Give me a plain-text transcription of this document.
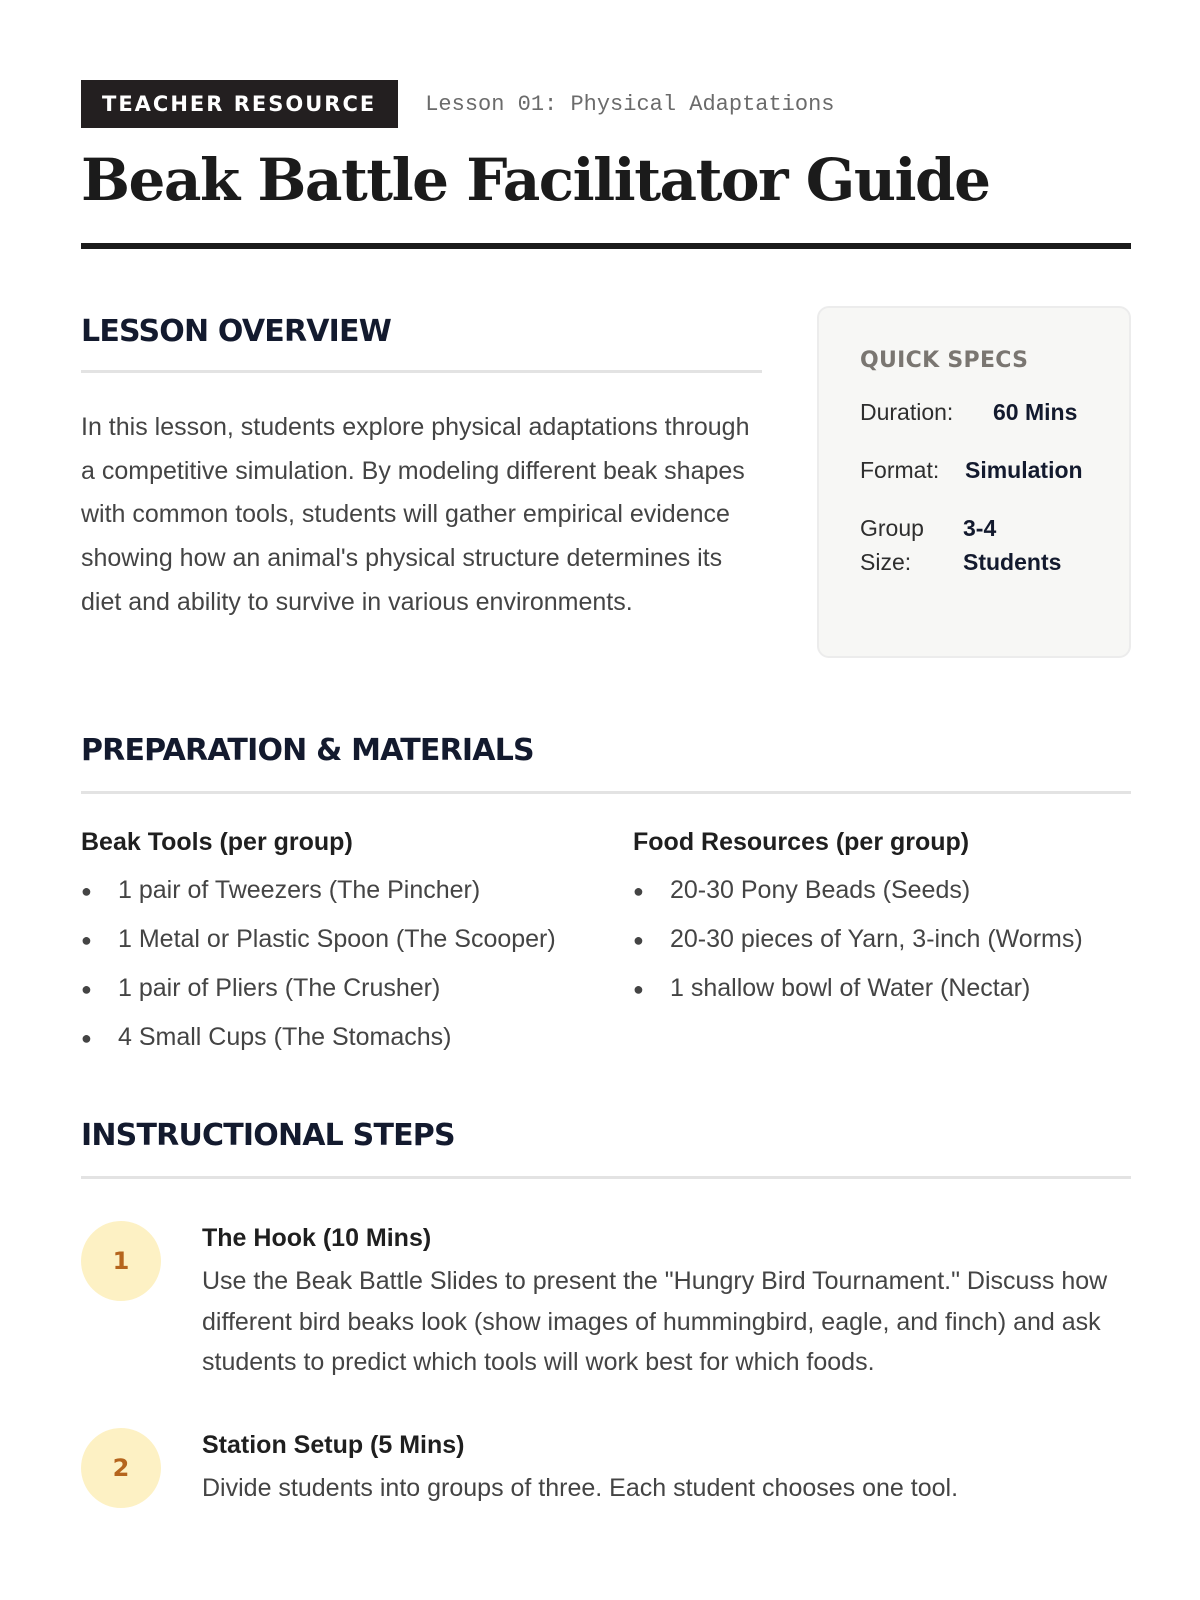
TEACHER RESOURCE	Lesson 01: Physical Adaptations
Beak Battle Facilitator Guide
LESSON OVERVIEW

In this lesson, students explore physical adaptations through a competitive simulation. By modeling different beak shapes with common tools, students will gather empirical evidence showing how an animal's physical structure determines its diet and ability to survive in various environments.

QUICK SPECS
Duration:	60 Mins
Format:	Simulation
Group Size:
3-4 Students
PREPARATION & MATERIALS
Beak Tools (per group)
● 1 pair of Tweezers (The Pincher)
● 1 Metal or Plastic Spoon (The Scooper)
● 1 pair of Pliers (The Crusher)
● 4 Small Cups (The Stomachs)
Food Resources (per group)
● 20-30 Pony Beads (Seeds)
● 20-30 pieces of Yarn, 3-inch (Worms)
● 1 shallow bowl of Water (Nectar)
INSTRUCTIONAL STEPS
1
The Hook (10 Mins)
Use the Beak Battle Slides to present the "Hungry Bird Tournament." Discuss how different bird beaks look (show images of hummingbird, eagle, and finch) and ask students to predict which tools will work best for which foods.
2
Station Setup (5 Mins)
Divide students into groups of three. Each student chooses one tool.
